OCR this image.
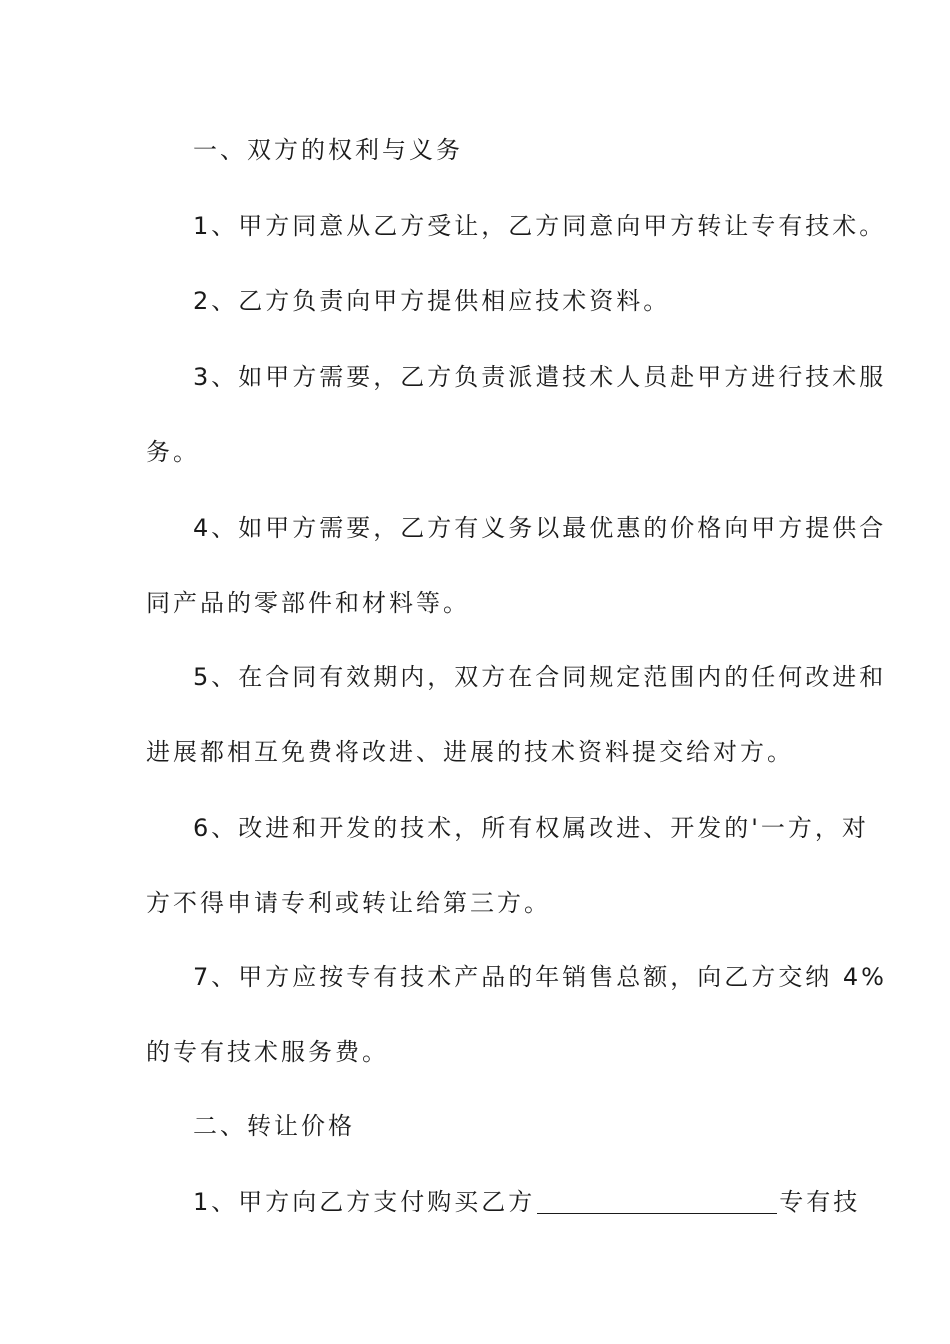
一、双方的权利与义务
1、甲方同意从乙方受让，乙方同意向甲方转让专有技术。
2、乙方负责向甲方提供相应技术资料。
3、如甲方需要，乙方负责派遣技术人员赴甲方进行技术服
务。
4、如甲方需要，乙方有义务以最优惠的价格向甲方提供合
同产品的零部件和材料等。
5、在合同有效期内，双方在合同规定范围内的任何改进和
进展都相互免费将改进、进展的技术资料提交给对方。
6、改进和开发的技术，所有权属改进、开发的'一方，对
方不得申请专利或转让给第三方。
7、甲方应按专有技术产品的年销售总额，向乙方交纳 4%
的专有技术服务费。
二、转让价格
1、甲方向乙方支付购买乙方	专有技
